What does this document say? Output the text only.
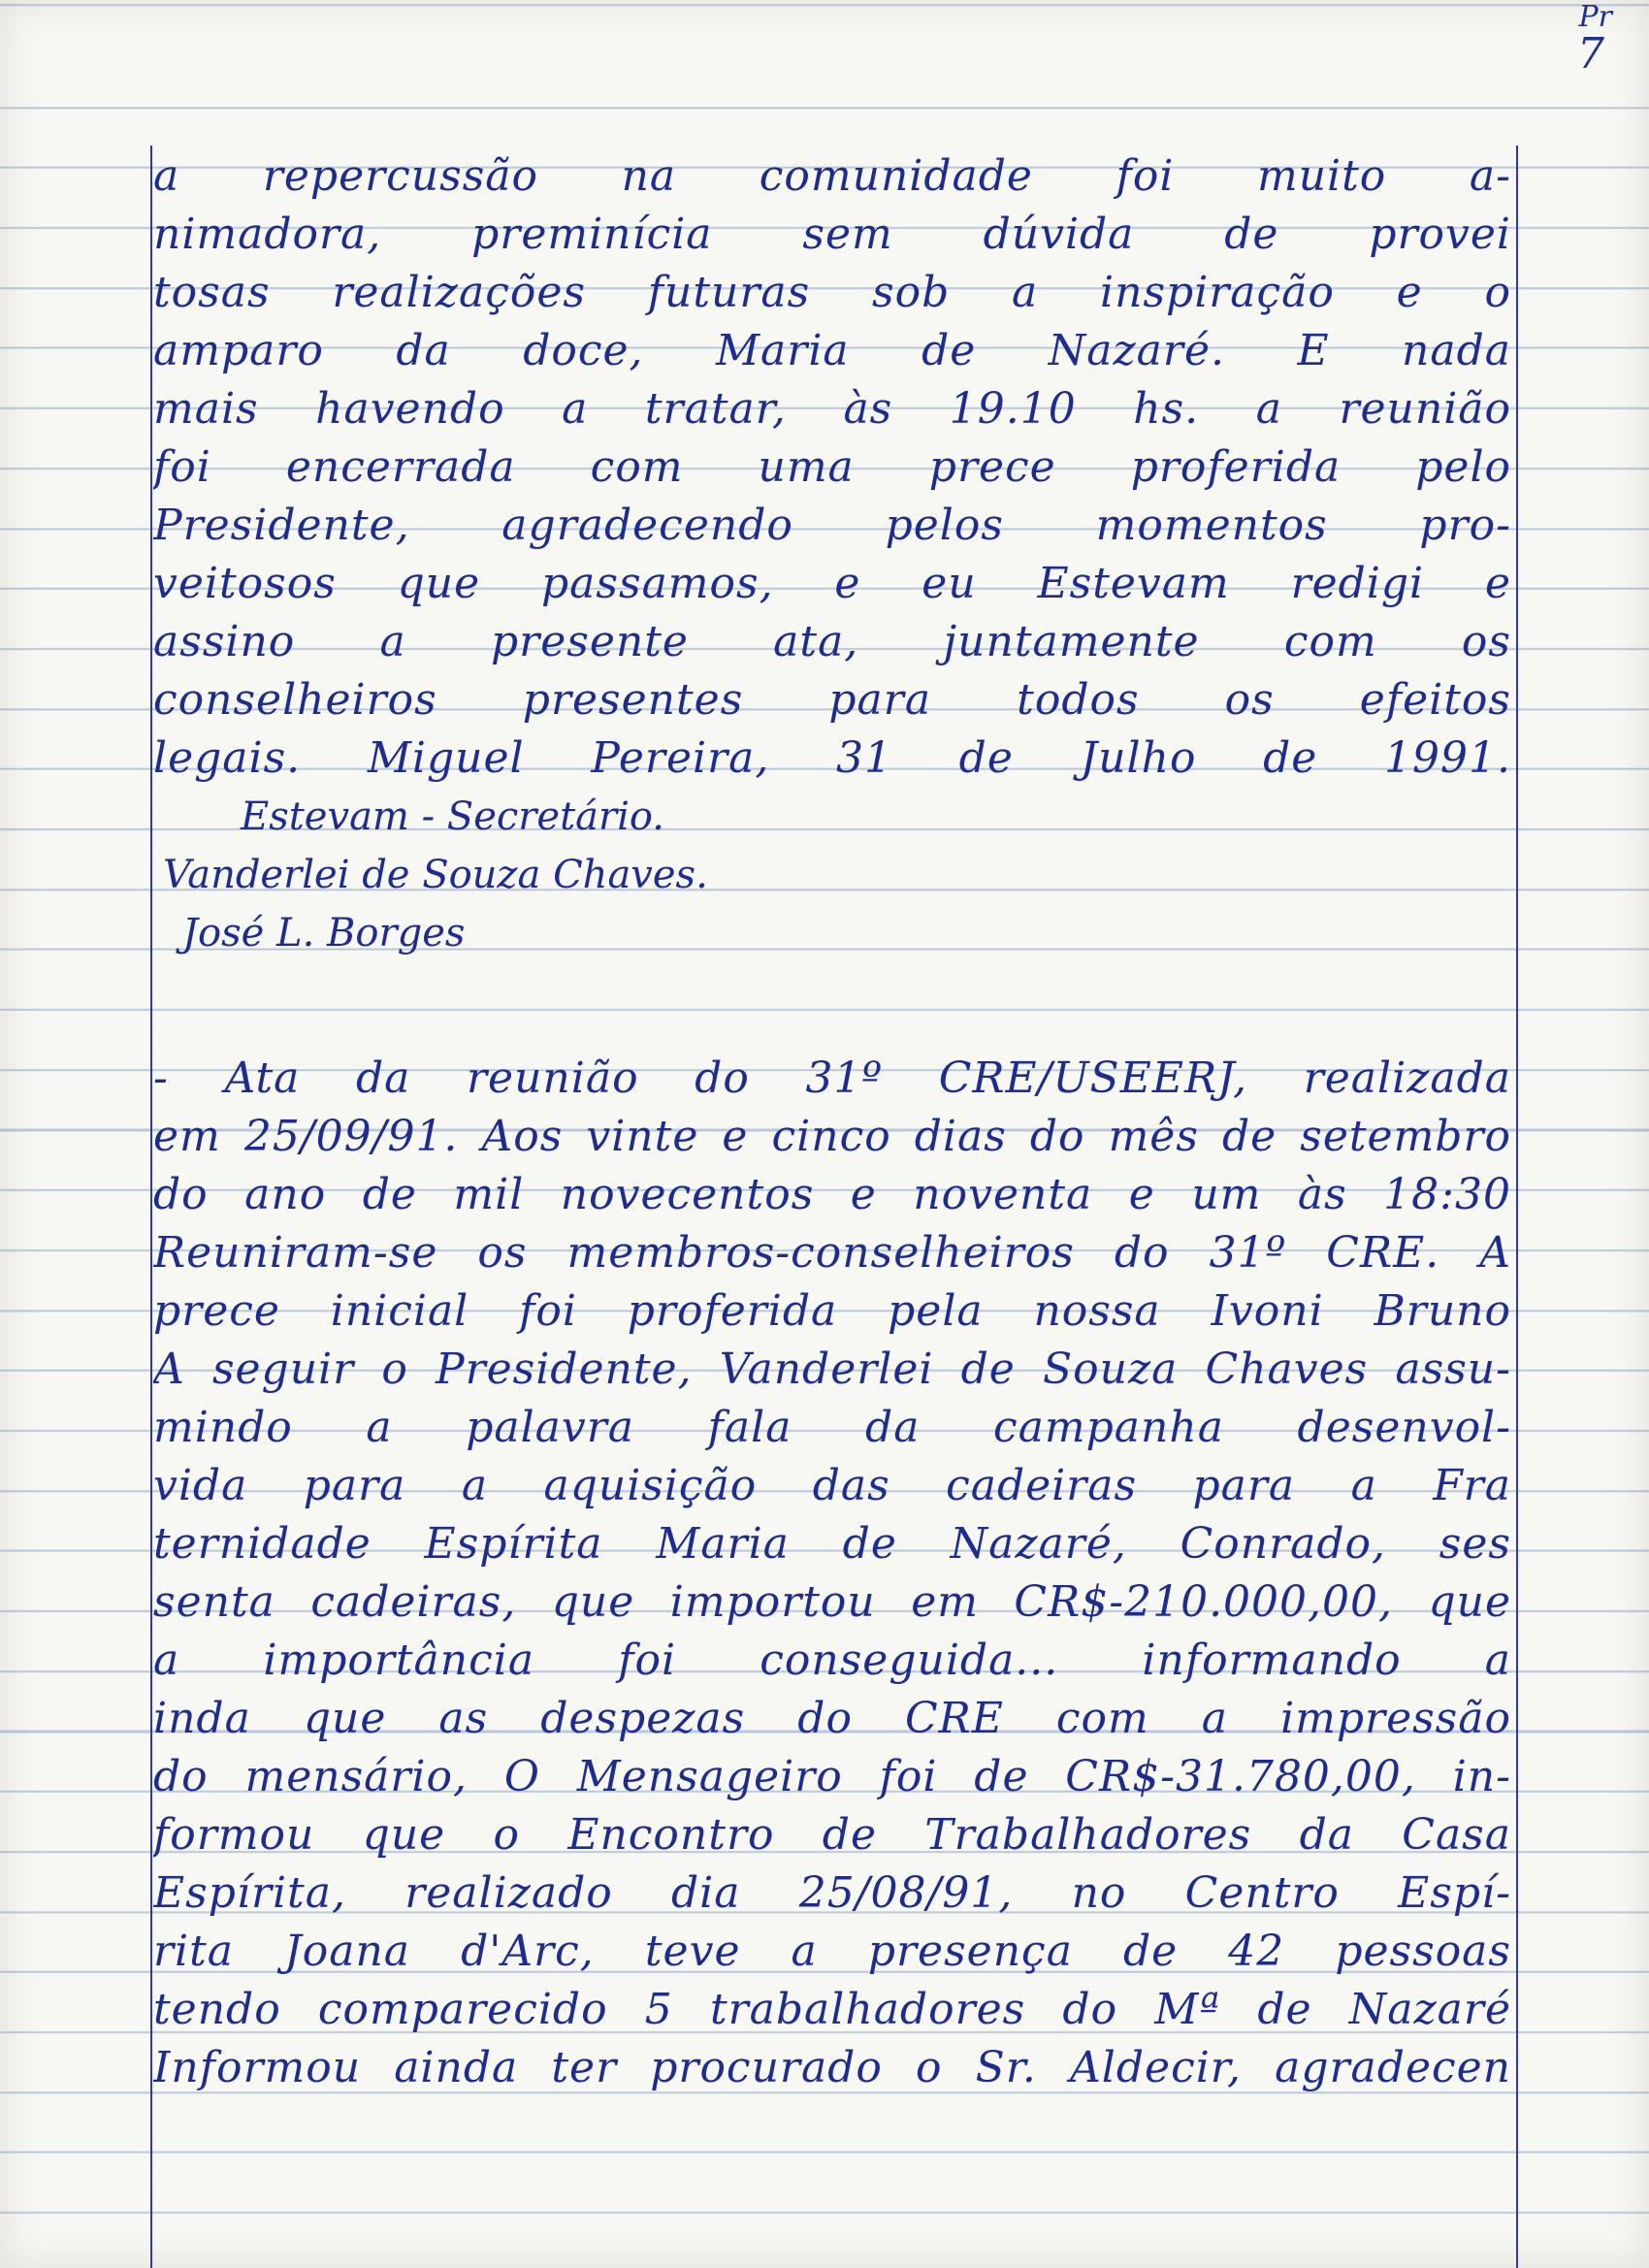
Pr
7
a repercussão na comunidade foi muito a-
nimadora, preminícia sem dúvida de provei
tosas realizações futuras sob a inspiração e o
amparo da doce, Maria de Nazaré. E nada
mais havendo a tratar, às 19.10 hs. a reunião
foi encerrada com uma prece proferida pelo
Presidente, agradecendo pelos momentos pro-
veitosos que passamos, e eu Estevam redigi e
assino a presente ata, juntamente com os
conselheiros presentes para todos os efeitos
legais. Miguel Pereira, 31 de Julho de 1991.
Estevam - Secretário.
Vanderlei de Souza Chaves.
José L. Borges
- Ata da reunião do 31º CRE/USEERJ, realizada
em 25/09/91. Aos vinte e cinco dias do mês de setembro
do ano de mil novecentos e noventa e um às 18:30
Reuniram-se os membros-conselheiros do 31º CRE. A
prece inicial foi proferida pela nossa Ivoni Bruno
A seguir o Presidente, Vanderlei de Souza Chaves assu-
mindo a palavra fala da campanha desenvol-
vida para a aquisição das cadeiras para a Fra
ternidade Espírita Maria de Nazaré, Conrado, ses
senta cadeiras, que importou em CR$-210.000,00, que
a importância foi conseguida... informando a
inda que as despezas do CRE com a impressão
do mensário, O Mensageiro foi de CR$-31.780,00, in-
formou que o Encontro de Trabalhadores da Casa
Espírita, realizado dia 25/08/91, no Centro Espí-
rita Joana d'Arc, teve a presença de 42 pessoas
tendo comparecido 5 trabalhadores do Mª de Nazaré
Informou ainda ter procurado o Sr. Aldecir, agradecen
